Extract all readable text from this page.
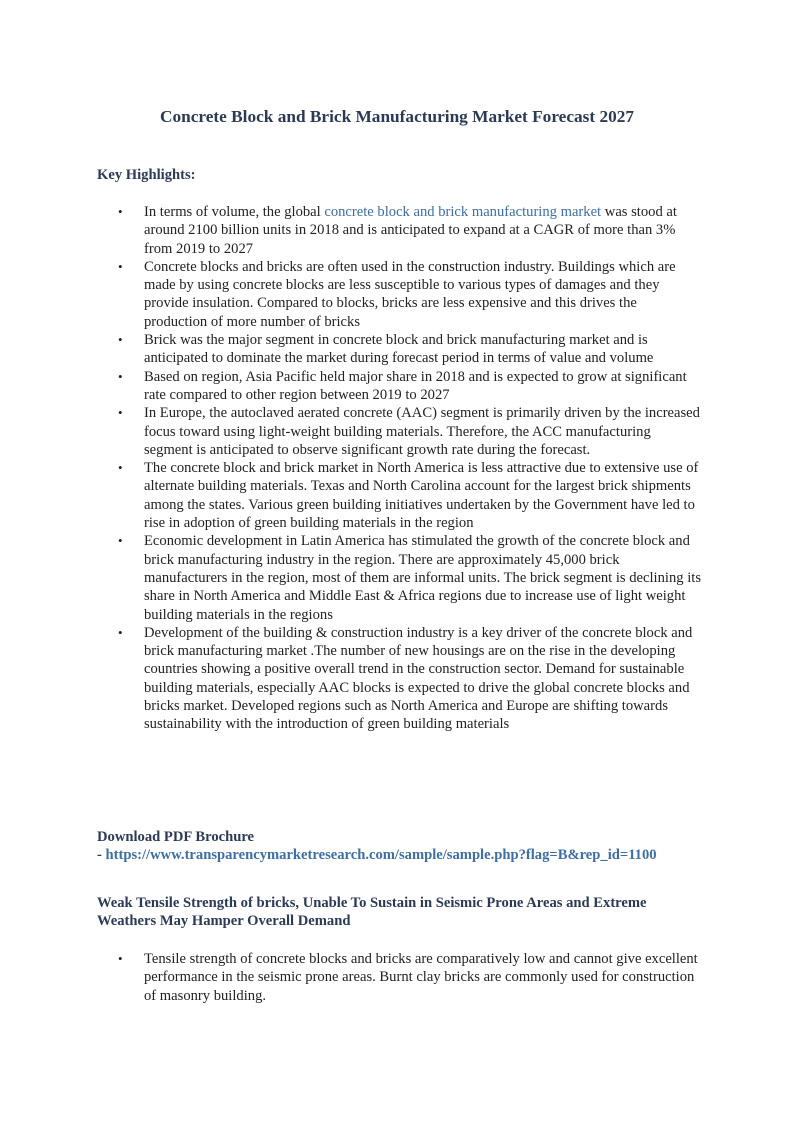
Concrete Block and Brick Manufacturing Market Forecast 2027
Key Highlights:
•	In terms of volume, the global concrete block and brick manufacturing market was stood at around 2100 billion units in 2018 and is anticipated to expand at a CAGR of more than 3% from 2019 to 2027
•	Concrete blocks and bricks are often used in the construction industry. Buildings which are made by using concrete blocks are less susceptible to various types of damages and they provide insulation. Compared to blocks, bricks are less expensive and this drives the production of more number of bricks
•	Brick was the major segment in concrete block and brick manufacturing market and is anticipated to dominate the market during forecast period in terms of value and volume
•	Based on region, Asia Pacific held major share in 2018 and is expected to grow at significant rate compared to other region between 2019 to 2027
•	In Europe, the autoclaved aerated concrete (AAC) segment is primarily driven by the increased focus toward using light-weight building materials. Therefore, the ACC manufacturing segment is anticipated to observe significant growth rate during the forecast.
•	The concrete block and brick market in North America is less attractive due to extensive use of alternate building materials. Texas and North Carolina account for the largest brick shipments among the states. Various green building initiatives undertaken by the Government have led to rise in adoption of green building materials in the region
•	Economic development in Latin America has stimulated the growth of the concrete block and brick manufacturing industry in the region. There are approximately 45,000 brick manufacturers in the region, most of them are informal units. The brick segment is declining its share in North America and Middle East & Africa regions due to increase use of light weight building materials in the regions
•	Development of the building & construction industry is a key driver of the concrete block and brick manufacturing market .The number of new housings are on the rise in the developing countries showing a positive overall trend in the construction sector. Demand for sustainable building materials, especially AAC blocks is expected to drive the global concrete blocks and bricks market. Developed regions such as North America and Europe are shifting towards sustainability with the introduction of green building materials
Download PDF Brochure
- https://www.transparencymarketresearch.com/sample/sample.php?flag=B&rep_id=1100
Weak Tensile Strength of bricks, Unable To Sustain in Seismic Prone Areas and Extreme Weathers May Hamper Overall Demand
•	Tensile strength of concrete blocks and bricks are comparatively low and cannot give excellent performance in the seismic prone areas. Burnt clay bricks are commonly used for construction of masonry building.
